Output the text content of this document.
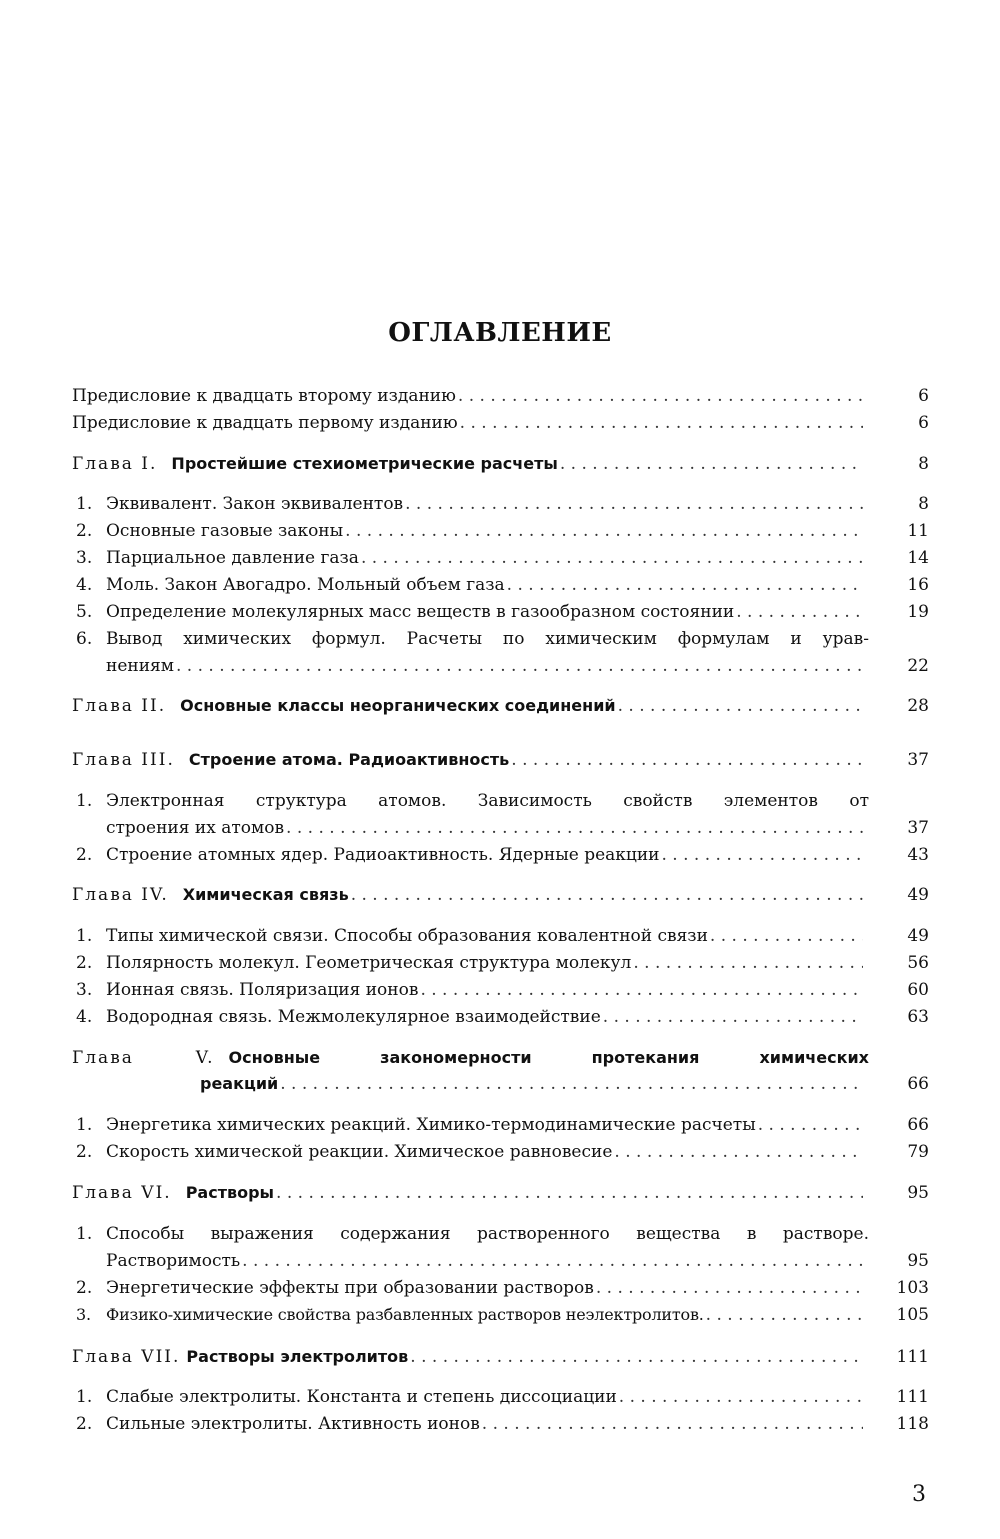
ОГЛАВЛЕНИЕ
Предисловие к двадцать второму изданию . . .	6
Предисловие к двадцать первому изданию . . .	6
Глава I. Простейшие стехиометрические расчеты . . .	8
1. Эквивалент. Закон эквивалентов . . .	8
2. Основные газовые законы . . .	11
3. Парциальное давление газа . . .	14
4. Моль. Закон Авогадро. Мольный объем газа . . .	16
5. Определение молекулярных масс веществ в газообразном состоянии . . .	19
6. Вывод химических формул. Расчеты по химическим формулам и урав-
нениям . . .	22
Глава II. Основные классы неорганических соединений . . .	28
Глава III. Строение атома. Радиоактивность . . .	37
1. Электронная структура атомов. Зависимость свойств элементов от
строения их атомов . . .	37
2. Строение атомных ядер. Радиоактивность. Ядерные реакции . . .	43
Глава IV. Химическая связь . . .	49
1. Типы химической связи. Способы образования ковалентной связи . . .	49
2. Полярность молекул. Геометрическая структура молекул . . .	56
3. Ионная связь. Поляризация ионов . . .	60
4. Водородная связь. Межмолекулярное взаимодействие . . .	63
Глава V. Основные закономерности протекания химических
реакций . . .	66
1. Энергетика химических реакций. Химико-термодинамические расчеты . . .	66
2. Скорость химической реакции. Химическое равновесие . . .	79
Глава VI. Растворы . . .	95
1. Способы выражения содержания растворенного вещества в растворе.
Растворимость . . .	95
2. Энергетические эффекты при образовании растворов . . .	103
3. Физико-химические свойства разбавленных растворов неэлектролитов. . . .	105
Глава VII. Растворы электролитов . . .	111
1. Слабые электролиты. Константа и степень диссоциации . . .	111
2. Сильные электролиты. Активность ионов . . .	118
3
